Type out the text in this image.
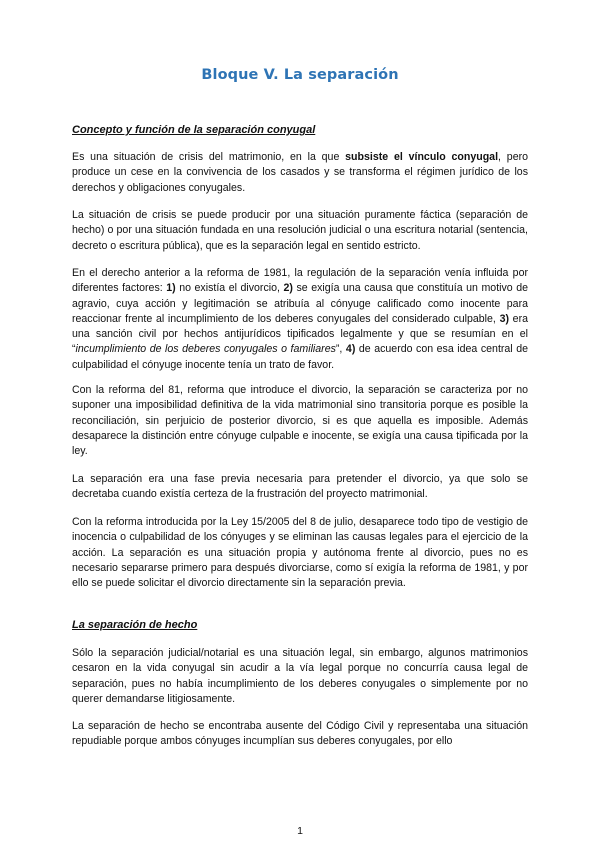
Bloque V. La separación
Concepto y función de la separación conyugal

Es una situación de crisis del matrimonio, en la que subsiste el vínculo conyugal, pero produce un cese en la convivencia de los casados y se transforma el régimen jurídico de los derechos y obligaciones conyugales.

La situación de crisis se puede producir por una situación puramente fáctica (separación de hecho) o por una situación fundada en una resolución judicial o una escritura notarial (sentencia, decreto o escritura pública), que es la separación legal en sentido estricto.

En el derecho anterior a la reforma de 1981, la regulación de la separación venía influida por diferentes factores: 1) no existía el divorcio, 2) se exigía una causa que constituía un motivo de agravio, cuya acción y legitimación se atribuía al cónyuge calificado como inocente para reaccionar frente al incumplimiento de los deberes conyugales del considerado culpable, 3) era una sanción civil por hechos antijurídicos tipificados legalmente y que se resumían en el “incumplimiento de los deberes conyugales o familiares”, 4) de acuerdo con esa idea central de culpabilidad el cónyuge inocente tenía un trato de favor.

Con la reforma del 81, reforma que introduce el divorcio, la separación se caracteriza por no suponer una imposibilidad definitiva de la vida matrimonial sino transitoria porque es posible la reconciliación, sin perjuicio de posterior divorcio, si es que aquella es imposible. Además desaparece la distinción entre cónyuge culpable e inocente, se exigía una causa tipificada por la ley.

La separación era una fase previa necesaria para pretender el divorcio, ya que solo se decretaba cuando existía certeza de la frustración del proyecto matrimonial.

Con la reforma introducida por la Ley 15/2005 del 8 de julio, desaparece todo tipo de vestigio de inocencia o culpabilidad de los cónyuges y se eliminan las causas legales para el ejercicio de la acción. La separación es una situación propia y autónoma frente al divorcio, pues no es necesario separarse primero para después divorciarse, como sí exigía la reforma de 1981, y por ello se puede solicitar el divorcio directamente sin la separación previa.

La separación de hecho

Sólo la separación judicial/notarial es una situación legal, sin embargo, algunos matrimonios cesaron en la vida conyugal sin acudir a la vía legal porque no concurría causa legal de separación, pues no había incumplimiento de los deberes conyugales o simplemente por no querer demandarse litigiosamente.

La separación de hecho se encontraba ausente del Código Civil y representaba una situación repudiable porque ambos cónyuges incumplían sus deberes conyugales, por ello

1
